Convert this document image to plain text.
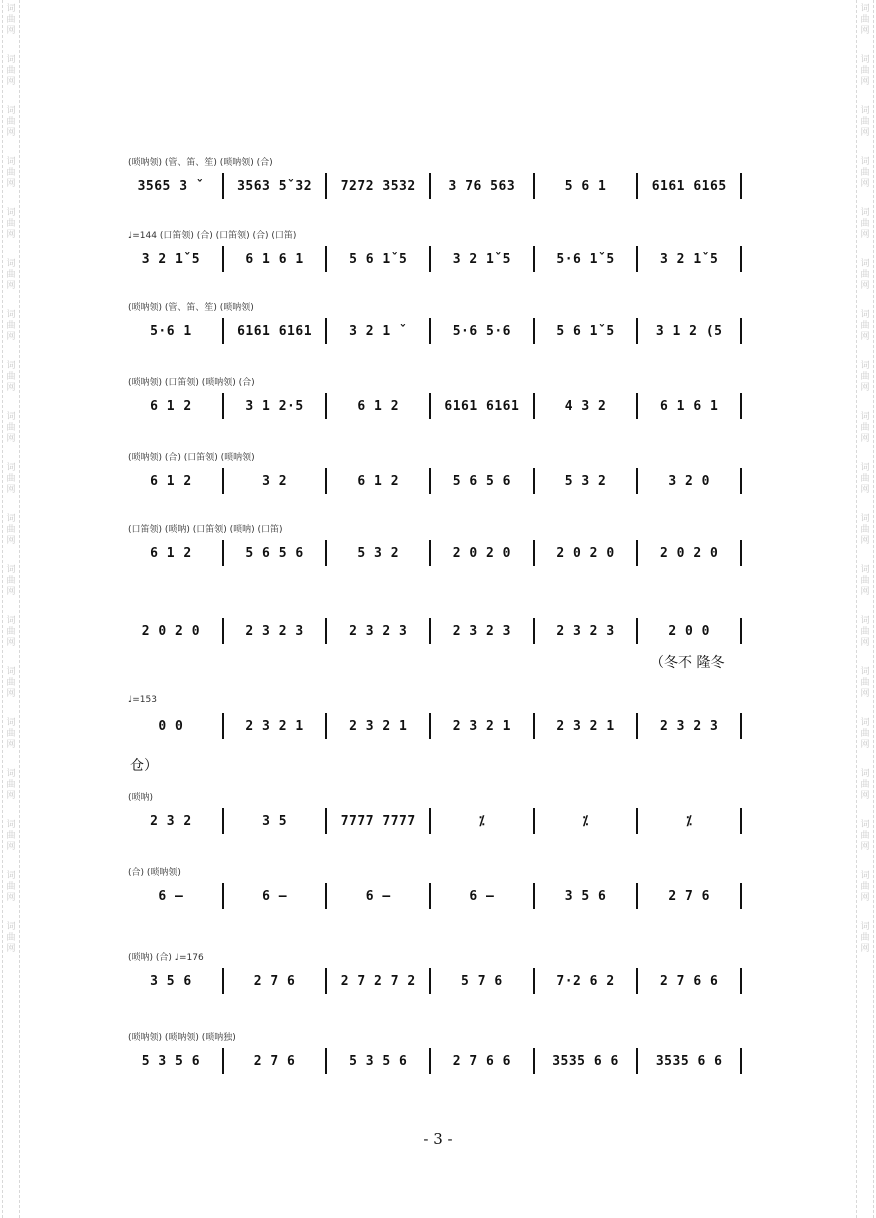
词
曲
网
词
曲
网
词
曲
网
词
曲
网
词
曲
网
词
曲
网
词
曲
网
词
曲
网
词
曲
网
词
曲
网
词
曲
网
词
曲
网
词
曲
网
词
曲
网
词
曲
网
词
曲
网
词
曲
网
词
曲
网
词
曲
网
词
曲
网
词
曲
网
词
曲
网
词
曲
网
词
曲
网
词
曲
网
词
曲
网
词
曲
网
词
曲
网
词
曲
网
词
曲
网
词
曲
网
词
曲
网
词
曲
网
词
曲
网
词
曲
网
词
曲
网
词
曲
网
词
曲
网
(唢呐领) (管、笛、笙) (唢呐领) (合)
3565 3 ˇ	3563 5ˇ32	7272 3532	3 76 563	5 6 1	6161 6165
♩=144 (口笛领) (合) (口笛领) (合) (口笛)
3 2 1ˇ5	6 1 6 1	5 6 1ˇ5	3 2 1ˇ5	5·6 1ˇ5	3 2 1ˇ5
(唢呐领) (管、笛、笙) (唢呐领)
5·6 1	6161 6161	3 2 1 ˇ	5·6 5·6	5 6 1ˇ5	3 1 2 (5
(唢呐领) (口笛领) (唢呐领) (合)
6 1 2	3 1 2·5	6 1 2	6161 6161	4 3 2	6 1 6 1
(唢呐领) (合) (口笛领) (唢呐领)
6 1 2	3 2	6 1 2	5 6 5 6	5 3 2	3 2 0
(口笛领) (唢呐) (口笛领) (唢呐) (口笛)
6 1 2	5 6 5 6	5 3 2	2 0 2 0	2 0 2 0	2 0 2 0
2 0 2 0	2 3 2 3	2 3 2 3	2 3 2 3	2 3 2 3	2 0 0
♩=153
0 0	2 3 2 1	2 3 2 1	2 3 2 1	2 3 2 1	2 3 2 3
(唢呐)
2 3 2	3 5	7777 7777	⁒	⁒	⁒
(合) (唢呐领)
6 —	6 —	6 —	6 —	3 5 6	2 7 6
(唢呐) (合) ♩=176
3 5 6	2 7 6	2 7 2 7 2	5 7 6	7·2 6 2	2 7 6 6
(唢呐领) (唢呐领) (唢呐独)
5 3 5 6	2 7 6	5 3 5 6	2 7 6 6	3535 6 6	3535 6 6
（冬不 隆冬
仓）
- 3 -
